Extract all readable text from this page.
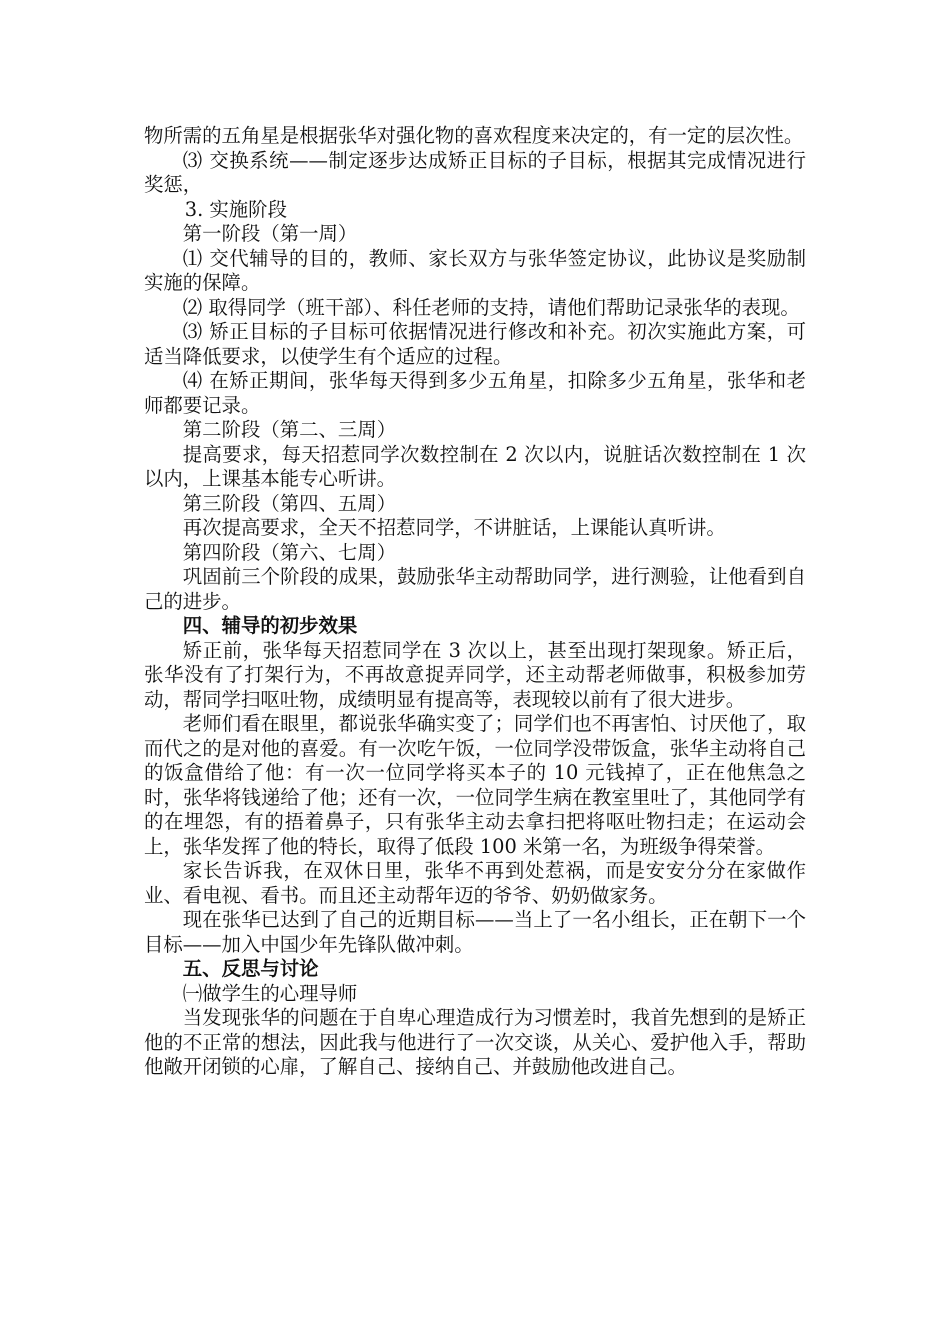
物所需的五角星是根据张华对强化物的喜欢程度来决定的，有一定的层次性。

⑶ 交换系统——制定逐步达成矫正目标的子目标，根据其完成情况进行奖惩，

3. 实施阶段

第一阶段（第一周）

⑴ 交代辅导的目的，教师、家长双方与张华签定协议，此协议是奖励制实施的保障。

⑵ 取得同学（班干部）、科任老师的支持，请他们帮助记录张华的表现。

⑶ 矫正目标的子目标可依据情况进行修改和补充。初次实施此方案，可适当降低要求，以使学生有个适应的过程。

⑷ 在矫正期间，张华每天得到多少五角星，扣除多少五角星，张华和老师都要记录。

第二阶段（第二、三周）

提高要求，每天招惹同学次数控制在 2 次以内，说脏话次数控制在 1 次以内，上课基本能专心听讲。

第三阶段（第四、五周）

再次提高要求，全天不招惹同学，不讲脏话，上课能认真听讲。

第四阶段（第六、七周）

巩固前三个阶段的成果，鼓励张华主动帮助同学，进行测验，让他看到自己的进步。

四、辅导的初步效果

矫正前，张华每天招惹同学在 3 次以上，甚至出现打架现象。矫正后，张华没有了打架行为，不再故意捉弄同学，还主动帮老师做事，积极参加劳动，帮同学扫呕吐物，成绩明显有提高等，表现较以前有了很大进步。

老师们看在眼里，都说张华确实变了；同学们也不再害怕、讨厌他了，取而代之的是对他的喜爱。有一次吃午饭，一位同学没带饭盒，张华主动将自己的饭盒借给了他：有一次一位同学将买本子的 10 元钱掉了，正在他焦急之时，张华将钱递给了他；还有一次，一位同学生病在教室里吐了，其他同学有的在埋怨，有的捂着鼻子，只有张华主动去拿扫把将呕吐物扫走；在运动会上，张华发挥了他的特长，取得了低段 100 米第一名，为班级争得荣誉。

家长告诉我，在双休日里，张华不再到处惹祸，而是安安分分在家做作业、看电视、看书。而且还主动帮年迈的爷爷、奶奶做家务。

现在张华已达到了自己的近期目标——当上了一名小组长，正在朝下一个目标——加入中国少年先锋队做冲刺。

五、反思与讨论

㈠做学生的心理导师

当发现张华的问题在于自卑心理造成行为习惯差时，我首先想到的是矫正他的不正常的想法，因此我与他进行了一次交谈，从关心、爱护他入手，帮助他敞开闭锁的心扉，了解自己、接纳自己、并鼓励他改进自己。
